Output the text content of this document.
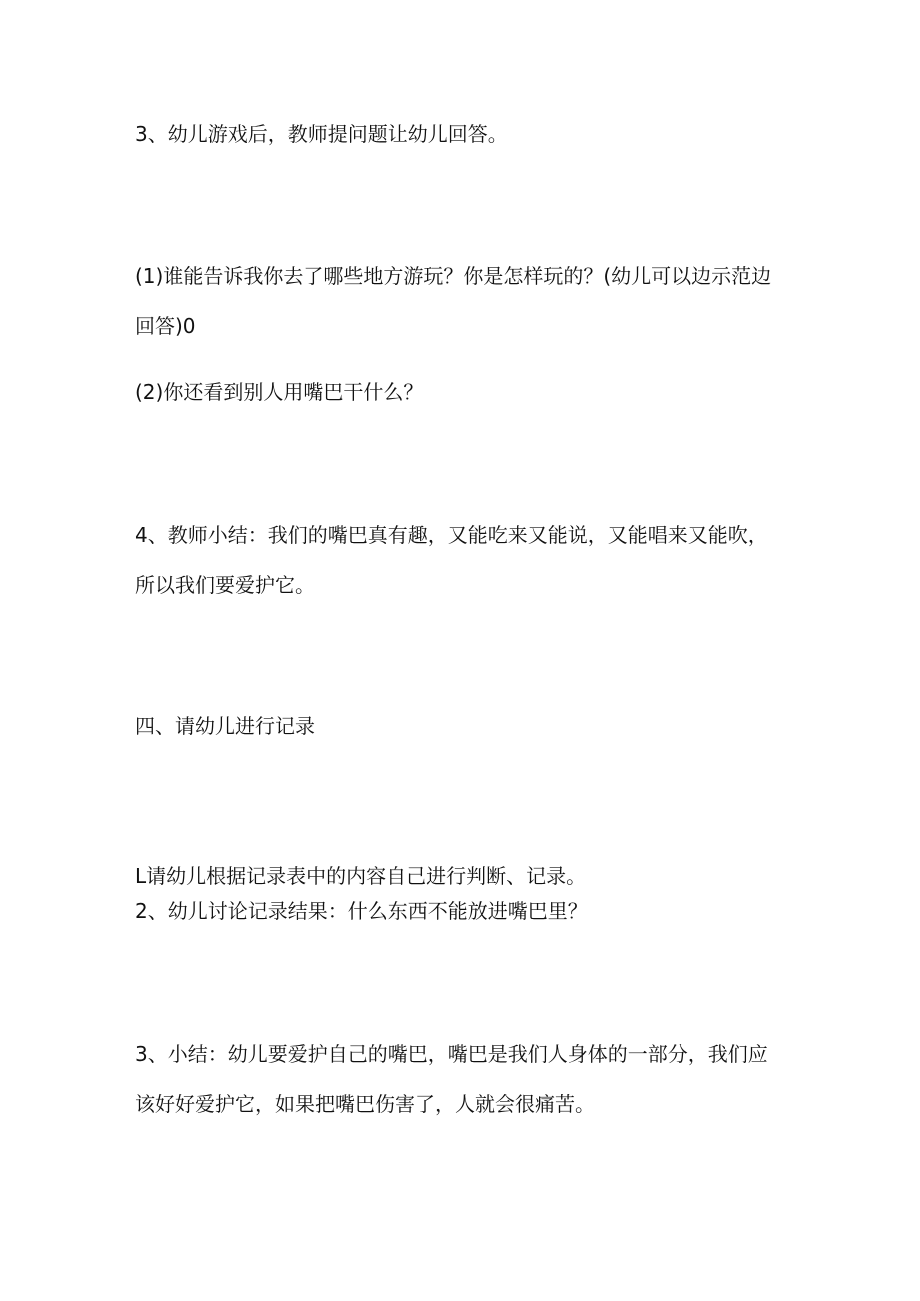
3、幼儿游戏后，教师提问题让幼儿回答。
(1)谁能告诉我你去了哪些地方游玩？你是怎样玩的？(幼儿可以边示范边
回答)0
(2)你还看到别人用嘴巴干什么？
4、教师小结：我们的嘴巴真有趣，又能吃来又能说，又能唱来又能吹，
所以我们要爱护它。
四、请幼儿进行记录
L请幼儿根据记录表中的内容自己进行判断、记录。
2、幼儿讨论记录结果：什么东西不能放进嘴巴里？
3、小结：幼儿要爱护自己的嘴巴，嘴巴是我们人身体的一部分，我们应
该好好爱护它，如果把嘴巴伤害了，人就会很痛苦。
